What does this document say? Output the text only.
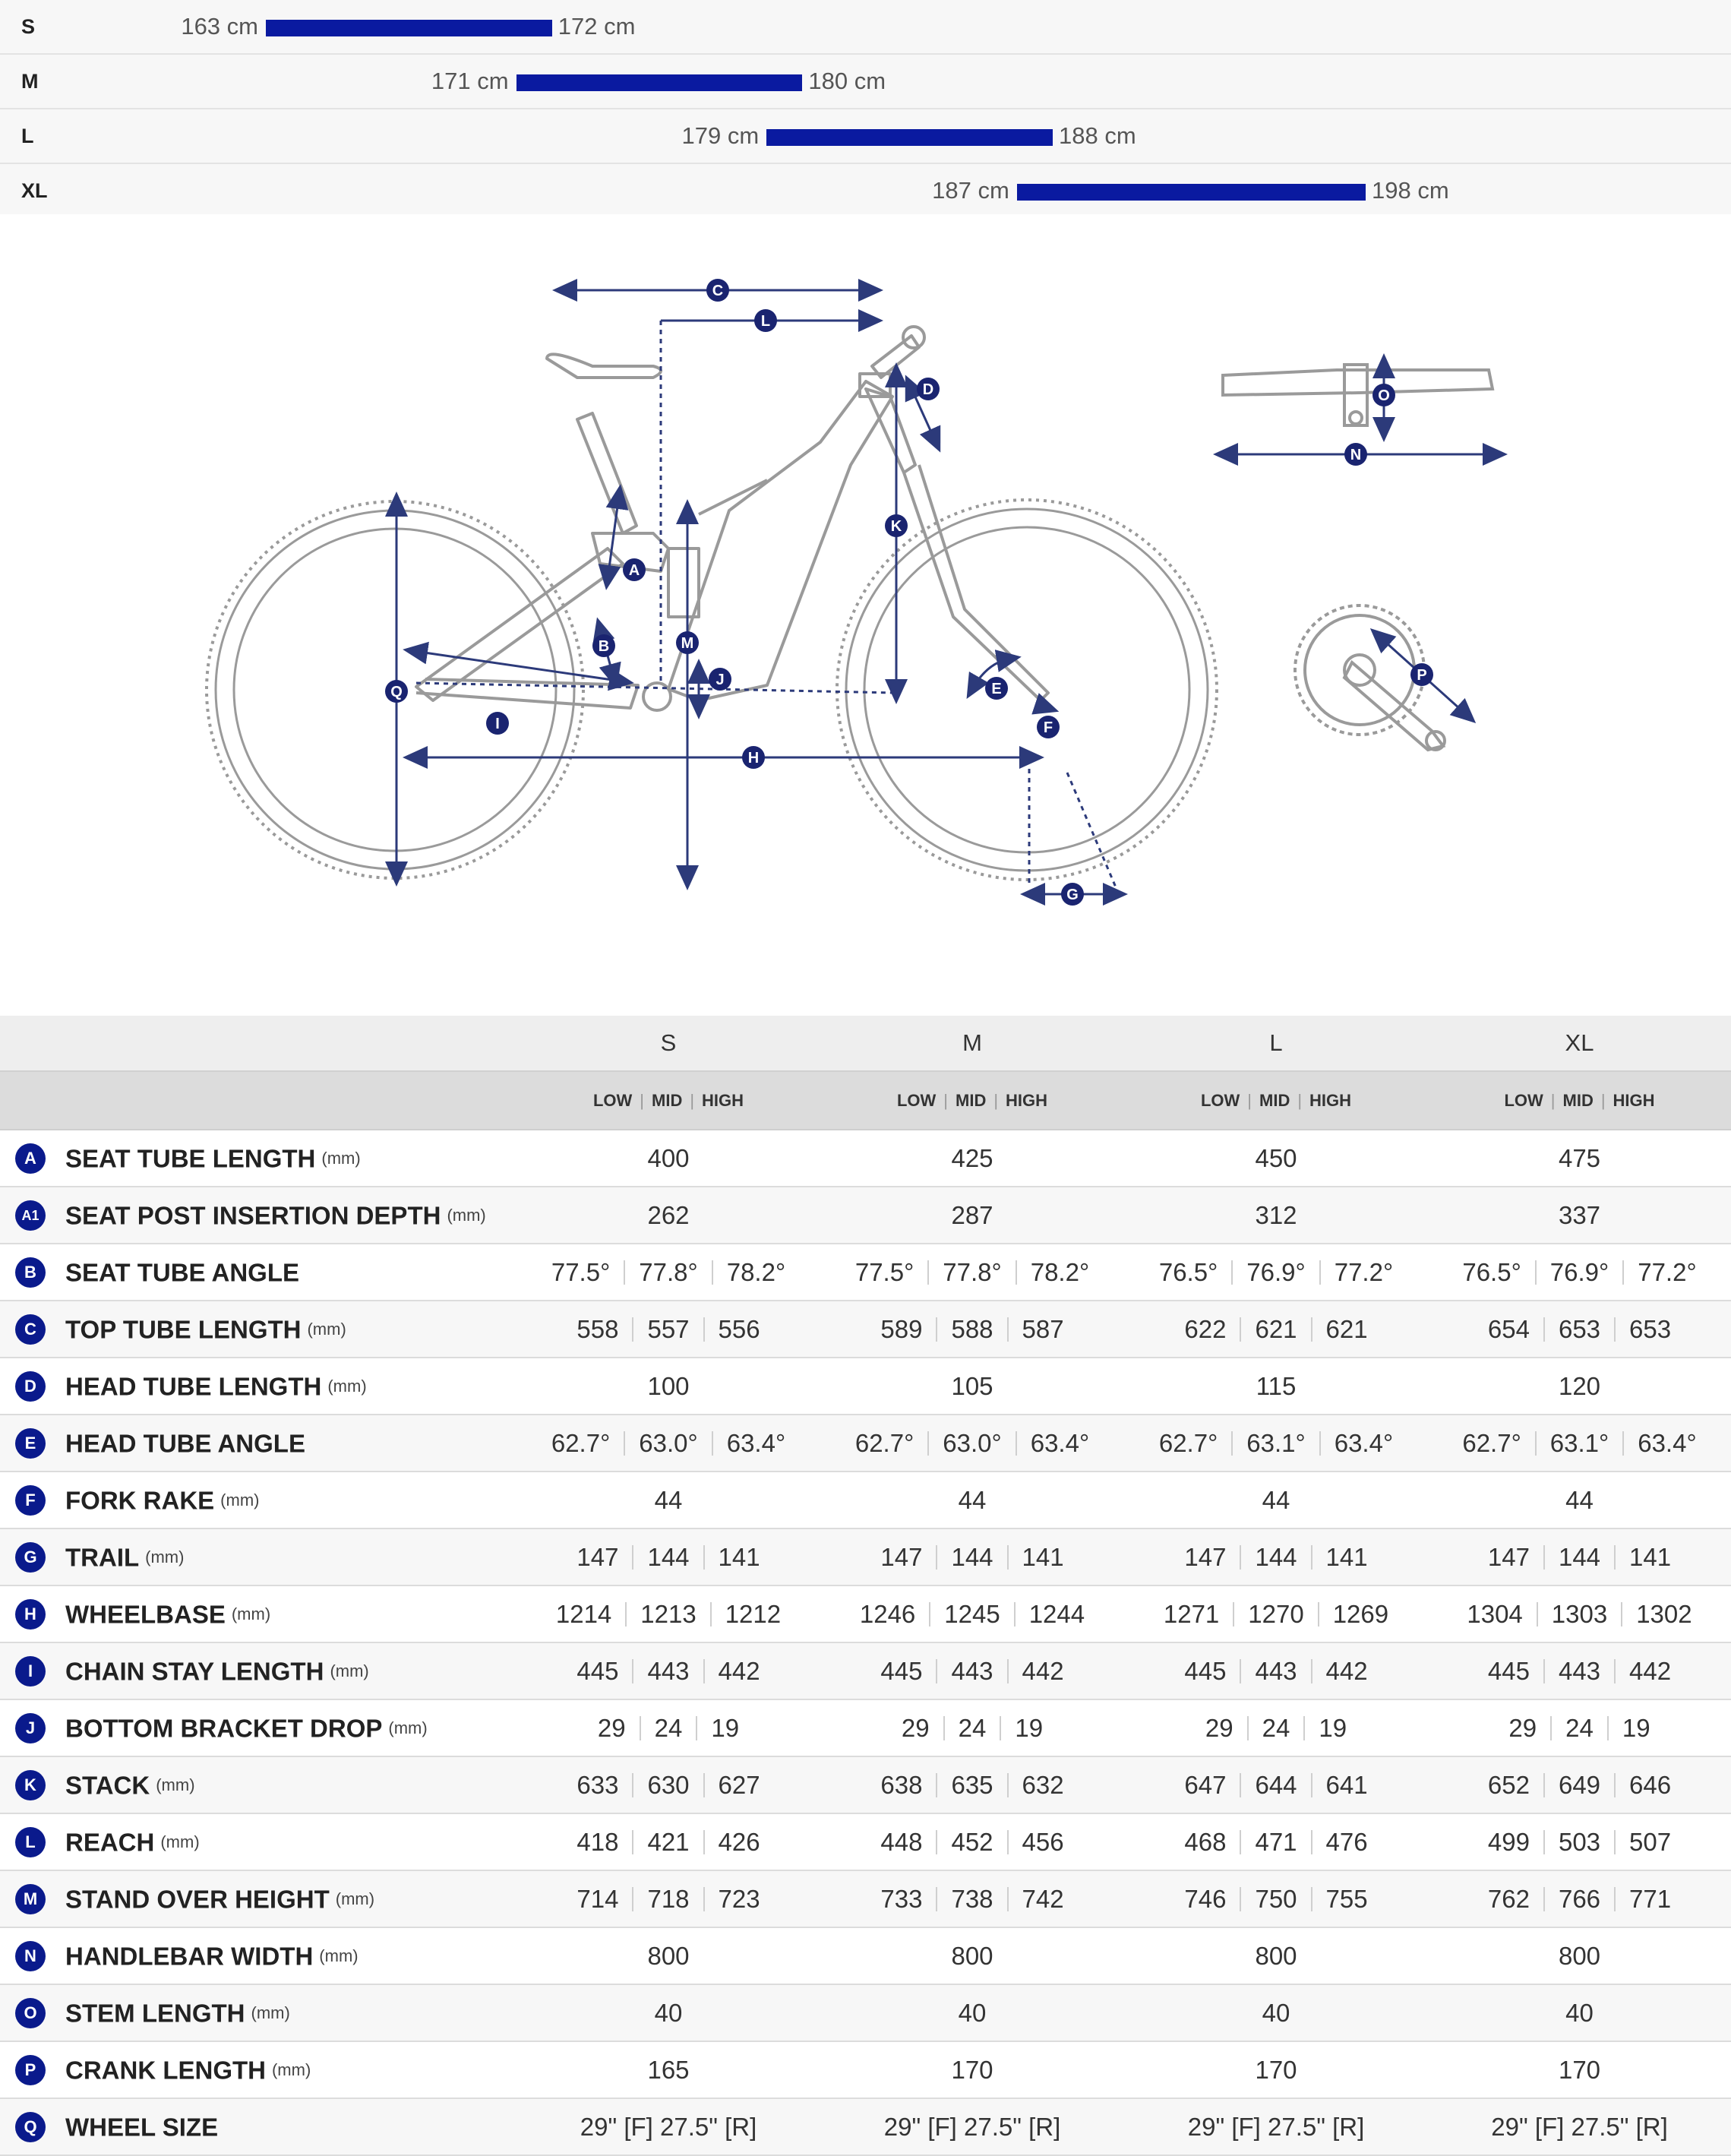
S	163 cm	172 cm
M	171 cm	180 cm
L	179 cm	188 cm
XL	187 cm	198 cm
A
B
C
D
E
F
G
H
I
J
K
L
M
N
O
P
Q
	S	M	L	XL
	LOW | MID | HIGH	LOW | MID | HIGH	LOW | MID | HIGH	LOW | MID | HIGH
A SEAT TUBE LENGTH (mm)	400	425	450	475
A1 SEAT POST INSERTION DEPTH (mm)	262	287	312	337
B SEAT TUBE ANGLE	77.5° 77.8° 78.2°	77.5° 77.8° 78.2°	76.5° 76.9° 77.2°	76.5° 76.9° 77.2°

C TOP TUBE LENGTH (mm)	558 557 556	589 588 587	622 621 621	654 653 653

D HEAD TUBE LENGTH (mm)	100	105	115	120
E HEAD TUBE ANGLE	62.7° 63.0° 63.4°	62.7° 63.0° 63.4°	62.7° 63.1° 63.4°	62.7° 63.1° 63.4°

F FORK RAKE (mm)	44	44	44	44
G TRAIL (mm)	147 144 141	147 144 141	147 144 141	147 144 141

H WHEELBASE (mm)	1214 1213 1212	1246 1245 1244	1271 1270 1269	1304 1303 1302

I CHAIN STAY LENGTH (mm)	445 443 442	445 443 442	445 443 442	445 443 442

J BOTTOM BRACKET DROP (mm)	29 24 19	29 24 19	29 24 19	29 24 19

K STACK (mm)	633 630 627	638 635 632	647 644 641	652 649 646

L REACH (mm)	418 421 426	448 452 456	468 471 476	499 503 507

M STAND OVER HEIGHT (mm)	714 718 723	733 738 742	746 750 755	762 766 771

N HANDLEBAR WIDTH (mm)	800	800	800	800
O STEM LENGTH (mm)	40	40	40	40
P CRANK LENGTH (mm)	165	170	170	170
Q WHEEL SIZE	29" [F] 27.5" [R]	29" [F] 27.5" [R]	29" [F] 27.5" [R]	29" [F] 27.5" [R]
